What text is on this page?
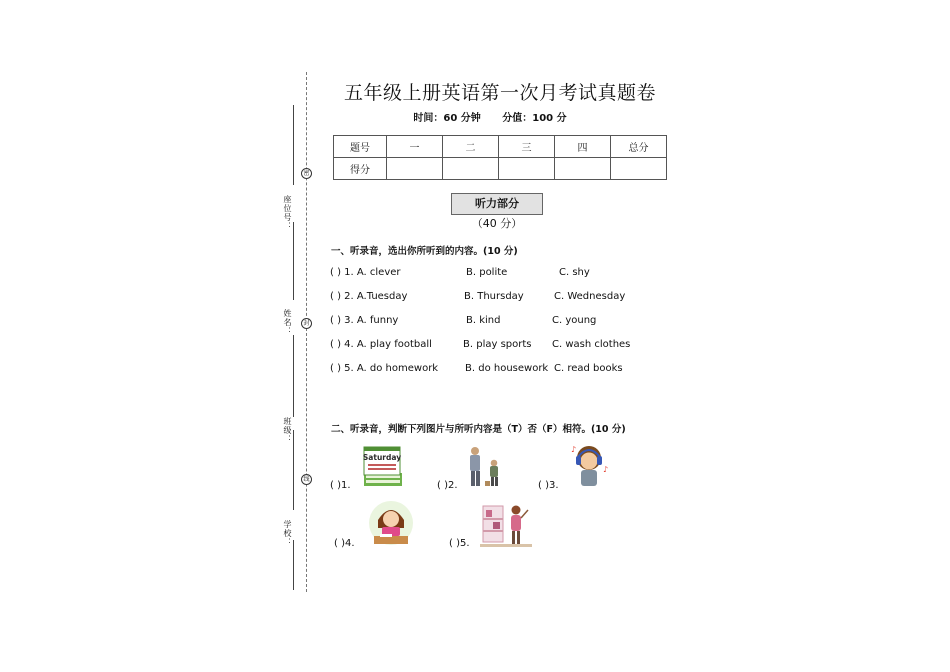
座位号：
姓名：
班级：
学校：
密
封
线
五年级上册英语第一次月考试真题卷
时间：60 分钟 分值：100 分
题号	一	二	三	四	总分
得分					
听力部分（40 分）
一、听录音，选出你所听到的内容。(10 分)
( ) 1. A. clever	B. polite	C. shy
( ) 2. A.Tuesday	B. Thursday	C. Wednesday
( ) 3. A. funny	B. kind	C. young
( ) 4. A. play football	B. play sports C. wash clothes
( ) 5. A. do homework	B. do housework C. read books
二、听录音，判断下列图片与所听内容是（T）否（F）相符。(10 分)
( )1.	( )2.	( )3.
( )4.	( )5.
Saturday
♪
♪
